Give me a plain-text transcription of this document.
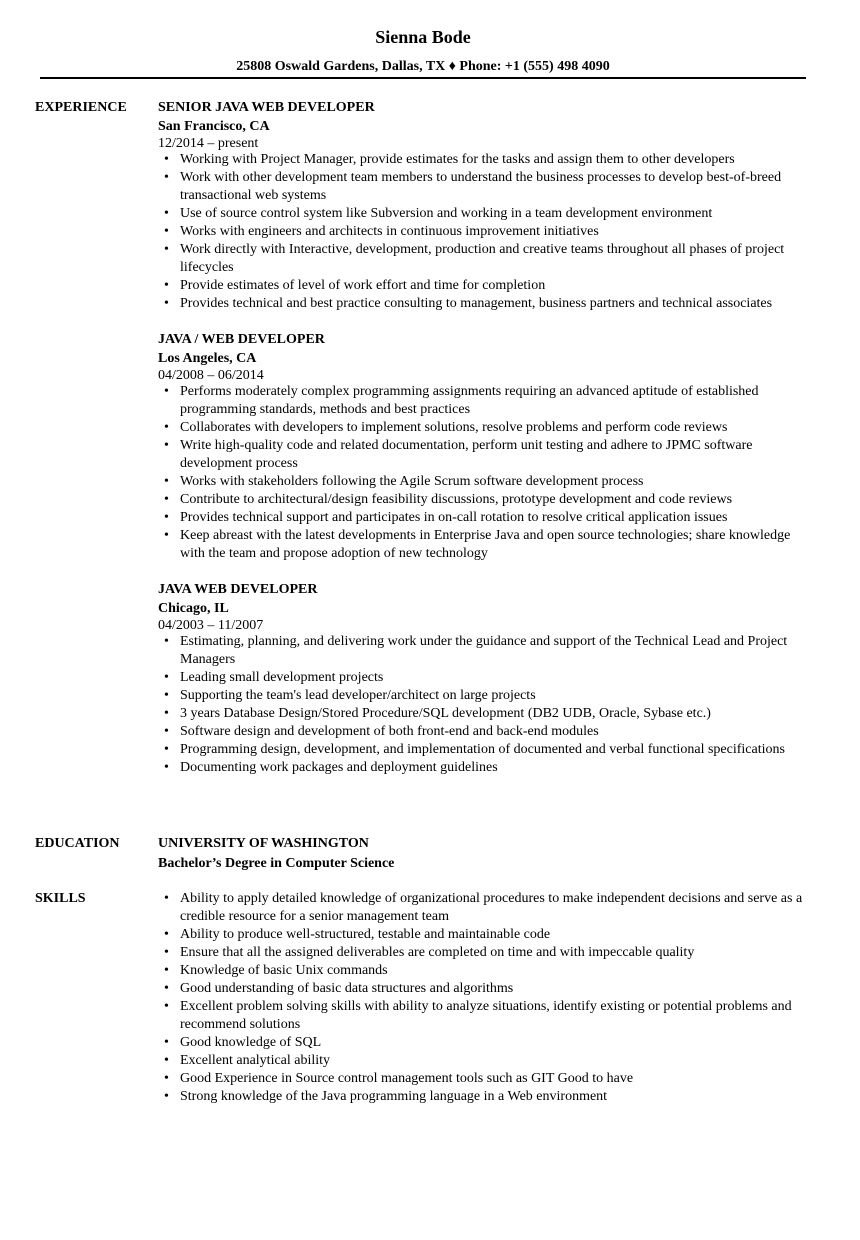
Sienna Bode
25808 Oswald Gardens, Dallas, TX ♦ Phone: +1 (555) 498 4090
EXPERIENCE	SENIOR JAVA WEB DEVELOPER
San Francisco, CA
12/2014 – present
• Working with Project Manager, provide estimates for the tasks and assign them to other developers
• Work with other development team members to understand the business processes to develop best-of-breed transactional web systems
• Use of source control system like Subversion and working in a team development environment
• Works with engineers and architects in continuous improvement initiatives
• Work directly with Interactive, development, production and creative teams throughout all phases of project lifecycles
• Provide estimates of level of work effort and time for completion
• Provides technical and best practice consulting to management, business partners and technical associates
JAVA / WEB DEVELOPER
Los Angeles, CA
04/2008 – 06/2014
• Performs moderately complex programming assignments requiring an advanced aptitude of established programming standards, methods and best practices
• Collaborates with developers to implement solutions, resolve problems and perform code reviews
• Write high-quality code and related documentation, perform unit testing and adhere to JPMC software development process
• Works with stakeholders following the Agile Scrum software development process
• Contribute to architectural/design feasibility discussions, prototype development and code reviews
• Provides technical support and participates in on-call rotation to resolve critical application issues
• Keep abreast with the latest developments in Enterprise Java and open source technologies; share knowledge with the team and propose adoption of new technology
JAVA WEB DEVELOPER
Chicago, IL
04/2003 – 11/2007
• Estimating, planning, and delivering work under the guidance and support of the Technical Lead and Project Managers
• Leading small development projects
• Supporting the team's lead developer/architect on large projects
• 3 years Database Design/Stored Procedure/SQL development (DB2 UDB, Oracle, Sybase etc.)
• Software design and development of both front-end and back-end modules
• Programming design, development, and implementation of documented and verbal functional specifications
• Documenting work packages and deployment guidelines
EDUCATION	UNIVERSITY OF WASHINGTON
Bachelor’s Degree in Computer Science
SKILLS	• Ability to apply detailed knowledge of organizational procedures to make independent decisions and serve as a credible resource for a senior management team
• Ability to produce well-structured, testable and maintainable code
• Ensure that all the assigned deliverables are completed on time and with impeccable quality
• Knowledge of basic Unix commands
• Good understanding of basic data structures and algorithms
• Excellent problem solving skills with ability to analyze situations, identify existing or potential problems and recommend solutions
• Good knowledge of SQL
• Excellent analytical ability
• Good Experience in Source control management tools such as GIT Good to have
• Strong knowledge of the Java programming language in a Web environment
